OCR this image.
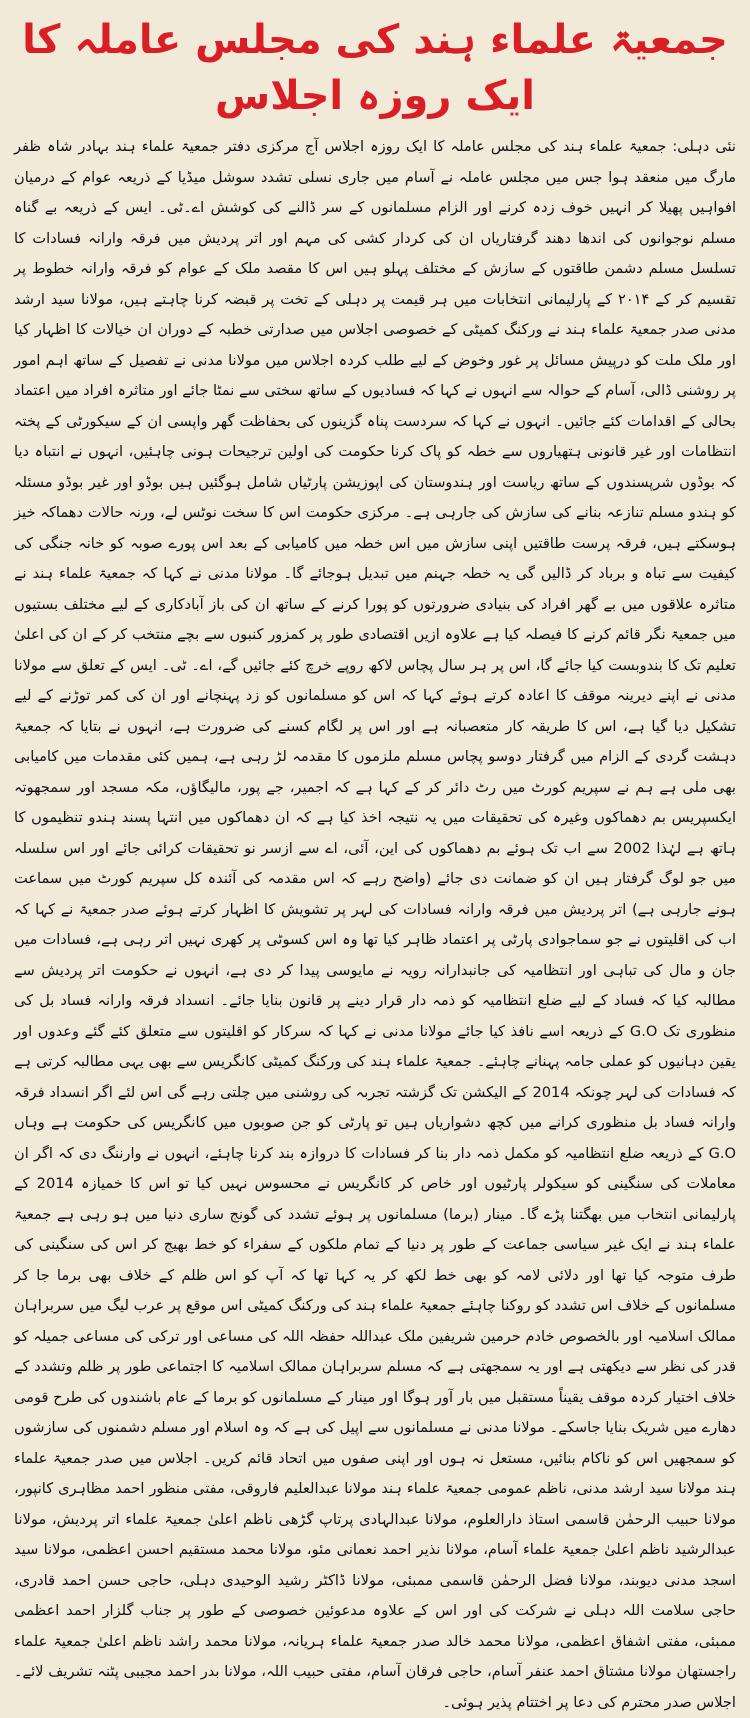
جمعیۃ علماء ہند کی مجلس عاملہ کا ایک روزہ اجلاس

نئی دہلی: جمعیۃ علماء ہند کی مجلس عاملہ کا ایک روزہ اجلاس آج مرکزی دفتر جمعیۃ علماء ہند بہادر شاہ ظفر مارگ میں منعقد ہوا جس میں مجلس عاملہ نے آسام میں جاری نسلی تشدد سوشل میڈیا کے ذریعہ عوام کے درمیان افواہیں پھیلا کر انہیں خوف زدہ کرنے اور الزام مسلمانوں کے سر ڈالنے کی کوشش اے۔ٹی۔ ایس کے ذریعہ بے گناہ مسلم نوجوانوں کی اندھا دھند گرفتاریاں ان کی کردار کشی کی مہم اور اتر پردیش میں فرقہ وارانہ فسادات کا تسلسل مسلم دشمن طاقتوں کے سازش کے مختلف پہلو ہیں اس کا مقصد ملک کے عوام کو فرقہ وارانہ خطوط پر تقسیم کر کے ۲۰۱۴ کے پارلیمانی انتخابات میں ہر قیمت پر دہلی کے تخت پر قبضہ کرنا چاہتے ہیں، مولانا سید ارشد مدنی صدر جمعیۃ علماء ہند نے ورکنگ کمیٹی کے خصوصی اجلاس میں صدارتی خطبہ کے دوران ان خیالات کا اظہار کیا اور ملک ملت کو درپیش مسائل پر غور وخوض کے لیے طلب کردہ اجلاس میں مولانا مدنی نے تفصیل کے ساتھ اہم امور پر روشنی ڈالی، آسام کے حوالہ سے انہوں نے کہا کہ فسادیوں کے ساتھ سختی سے نمٹا جائے اور متاثرہ افراد میں اعتماد بحالی کے اقدامات کئے جائیں۔ انہوں نے کہا کہ سردست پناہ گزینوں کی بحفاظت گھر واپسی ان کے سیکورٹی کے پختہ انتظامات اور غیر قانونی ہتھیاروں سے خطہ کو پاک کرنا حکومت کی اولین ترجیحات ہونی چاہئیں، انہوں نے انتباہ دیا کہ بوڈوں شرپسندوں کے ساتھ ریاست اور ہندوستان کی اپوزیشن پارٹیاں شامل ہوگئیں ہیں بوڈو اور غیر بوڈو مسئلہ کو ہندو مسلم تنازعہ بنانے کی سازش کی جارہی ہے۔ مرکزی حکومت اس کا سخت نوٹس لے، ورنہ حالات دھماکہ خیز ہوسکتے ہیں، فرقہ پرست طاقتیں اپنی سازش میں اس خطہ میں کامیابی کے بعد اس پورے صوبہ کو خانہ جنگی کی کیفیت سے تباہ و برباد کر ڈالیں گی یہ خطہ جہنم میں تبدیل ہوجائے گا۔ مولانا مدنی نے کہا کہ جمعیۃ علماء ہند نے متاثرہ علاقوں میں بے گھر افراد کی بنیادی ضرورتوں کو پورا کرنے کے ساتھ ان کی باز آبادکاری کے لیے مختلف بستیوں میں جمعیۃ نگر قائم کرنے کا فیصلہ کیا ہے علاوہ ازیں اقتصادی طور پر کمزور کنبوں سے بچے منتخب کر کے ان کی اعلیٰ تعلیم تک کا بندوبست کیا جائے گا، اس پر ہر سال پچاس لاکھ روپے خرچ کئے جائیں گے، اے۔ ٹی۔ ایس کے تعلق سے مولانا مدنی نے اپنے دیرینہ موقف کا اعادہ کرتے ہوئے کہا کہ اس کو مسلمانوں کو زد پہنچانے اور ان کی کمر توڑنے کے لیے تشکیل دیا گیا ہے، اس کا طریقہ کار متعصبانہ ہے اور اس پر لگام کسنے کی ضرورت ہے، انہوں نے بتایا کہ جمعیۃ دہشت گردی کے الزام میں گرفتار دوسو پچاس مسلم ملزموں کا مقدمہ لڑ رہی ہے، ہمیں کئی مقدمات میں کامیابی بھی ملی ہے ہم نے سپریم کورٹ میں رٹ دائر کر کے کہا ہے کہ اجمیر، جے پور، مالیگاؤں، مکہ مسجد اور سمجھوتہ ایکسپریس بم دھماکوں وغیرہ کی تحقیقات میں یہ نتیجہ اخذ کیا ہے کہ ان دھماکوں میں انتہا پسند ہندو تنظیموں کا ہاتھ ہے لہٰذا 2002 سے اب تک ہوئے بم دھماکوں کی این، آئی، اے سے ازسر نو تحقیقات کرائی جائے اور اس سلسلہ میں جو لوگ گرفتار ہیں ان کو ضمانت دی جائے (واضح رہے کہ اس مقدمہ کی آئندہ کل سپریم کورٹ میں سماعت ہونے جارہی ہے) اتر پردیش میں فرقہ وارانہ فسادات کی لہر پر تشویش کا اظہار کرتے ہوئے صدر جمعیۃ نے کہا کہ اب کی اقلیتوں نے جو سماجوادی پارٹی پر اعتماد ظاہر کیا تھا وہ اس کسوٹی پر کھری نہیں اتر رہی ہے، فسادات میں جان و مال کی تباہی اور انتظامیہ کی جانبدارانہ رویہ نے مایوسی پیدا کر دی ہے، انہوں نے حکومت اتر پردیش سے مطالبہ کیا کہ فساد کے لیے ضلع انتظامیہ کو ذمہ دار قرار دینے پر قانون بنایا جائے۔ انسداد فرقہ وارانہ فساد بل کی منظوری تک G.O کے ذریعہ اسے نافذ کیا جائے مولانا مدنی نے کہا کہ سرکار کو اقلیتوں سے متعلق کئے گئے وعدوں اور یقین دہانیوں کو عملی جامہ پہنانے چاہئے۔ جمعیۃ علماء ہند کی ورکنگ کمیٹی کانگریس سے بھی یہی مطالبہ کرتی ہے کہ فسادات کی لہر چونکہ 2014 کے الیکشن تک گزشتہ تجربہ کی روشنی میں چلتی رہے گی اس لئے اگر انسداد فرقہ وارانہ فساد بل منظوری کرانے میں کچھ دشواریاں ہیں تو پارٹی کو جن صوبوں میں کانگریس کی حکومت ہے وہاں G.O کے ذریعہ ضلع انتظامیہ کو مکمل ذمہ دار بنا کر فسادات کا دروازہ بند کرنا چاہئے، انہوں نے وارننگ دی کہ اگر ان معاملات کی سنگینی کو سیکولر پارٹیوں اور خاص کر کانگریس نے محسوس نہیں کیا تو اس کا خمیازہ 2014 کے پارلیمانی انتخاب میں بھگتنا پڑے گا۔ مینار (برما) مسلمانوں پر ہوئے تشدد کی گونج ساری دنیا میں ہو رہی ہے جمعیۃ علماء ہند نے ایک غیر سیاسی جماعت کے طور پر دنیا کے تمام ملکوں کے سفراء کو خط بھیج کر اس کی سنگینی کی طرف متوجہ کیا تھا اور دلائی لامہ کو بھی خط لکھ کر یہ کہا تھا کہ آپ کو اس ظلم کے خلاف بھی برما جا کر مسلمانوں کے خلاف اس تشدد کو روکنا چاہئے جمعیۃ علماء ہند کی ورکنگ کمیٹی اس موقع پر عرب لیگ میں سربراہان ممالک اسلامیہ اور بالخصوص خادم حرمین شریفین ملک عبداللہ حفظہ اللہ کی مساعی اور ترکی کی مساعی جمیلہ کو قدر کی نظر سے دیکھتی ہے اور یہ سمجھتی ہے کہ مسلم سربراہان ممالک اسلامیہ کا اجتماعی طور پر ظلم وتشدد کے خلاف اختیار کردہ موقف یقیناً مستقبل میں بار آور ہوگا اور مینار کے مسلمانوں کو برما کے عام باشندوں کی طرح قومی دھارے میں شریک بنایا جاسکے۔ مولانا مدنی نے مسلمانوں سے اپیل کی ہے کہ وہ اسلام اور مسلم دشمنوں کی سازشوں کو سمجھیں اس کو ناکام بنائیں، مستعل نہ ہوں اور اپنی صفوں میں اتحاد قائم کریں۔ اجلاس میں صدر جمعیۃ علماء ہند مولانا سید ارشد مدنی، ناظم عمومی جمعیۃ علماء ہند مولانا عبدالعلیم فاروقی، مفتی منظور احمد مظاہری کانپور، مولانا حبیب الرحمٰن قاسمی استاذ دارالعلوم، مولانا عبدالہادی پرتاپ گڑھی ناظم اعلیٰ جمعیۃ علماء اتر پردیش، مولانا عبدالرشید ناظم اعلیٰ جمعیۃ علماء آسام، مولانا نذیر احمد نعمانی مئو، مولانا محمد مستقیم احسن اعظمی، مولانا سید اسجد مدنی دیوبند، مولانا فضل الرحمٰن قاسمی ممبئی، مولانا ڈاکٹر رشید الوحیدی دہلی، حاجی حسن احمد قادری، حاجی سلامت اللہ دہلی نے شرکت کی اور اس کے علاوہ مدعوئین خصوصی کے طور پر جناب گلزار احمد اعظمی ممبئی، مفتی اشفاق اعظمی، مولانا محمد خالد صدر جمعیۃ علماء ہریانہ، مولانا محمد راشد ناظم اعلیٰ جمعیۃ علماء راجستھان مولانا مشتاق احمد عنفر آسام، حاجی فرقان آسام، مفتی حبیب اللہ، مولانا بدر احمد مجیبی پٹنہ تشریف لائے۔ اجلاس صدر محترم کی دعا پر اختتام پذیر ہوئی۔
